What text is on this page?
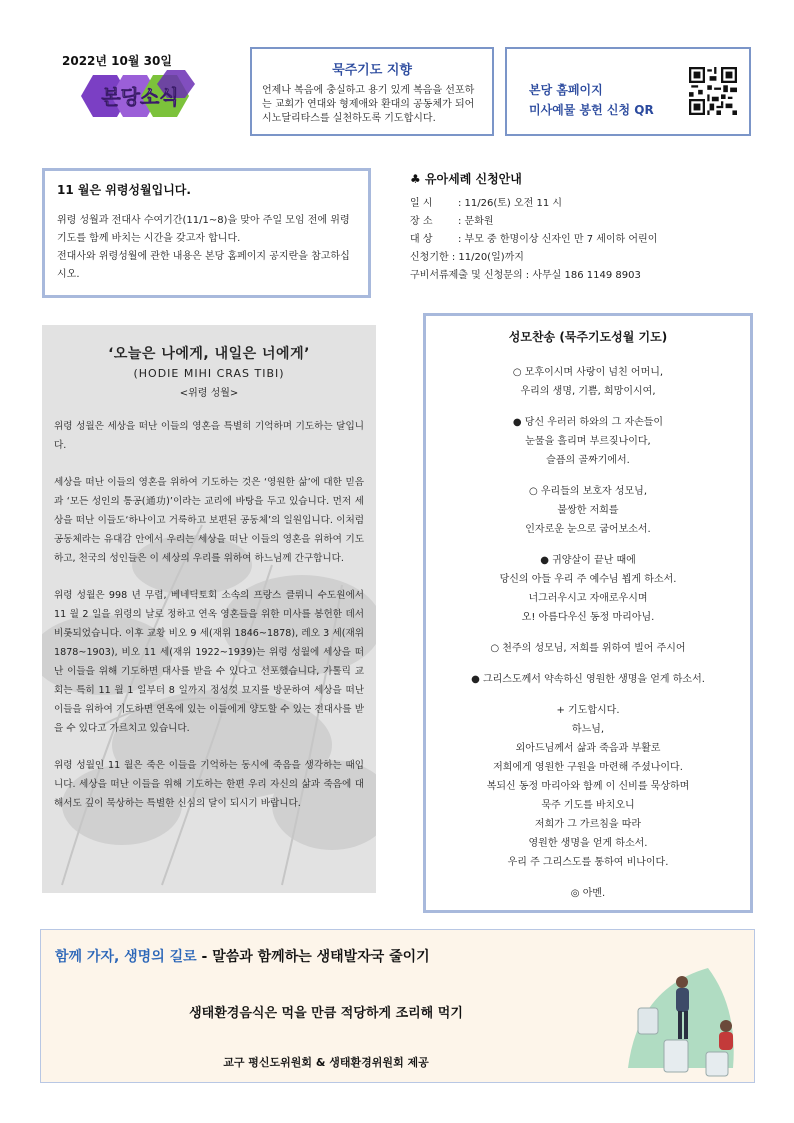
2022년 10월 30일
본당소식
묵주기도 지향
언제나 복음에 충실하고 용기 있게 복음을 선포하는 교회가 연대와 형제애와 환대의 공동체가 되어 시노달리타스를 실천하도록 기도합시다.
본당 홈페이지
미사예물 봉헌 신청 QR
11 월은 위령성월입니다.
위령 성월과 전대사 수여기간(11/1~8)을 맞아 주일 모임 전에 위령기도를 함께 바치는 시간을 갖고자 합니다.
전대사와 위령성월에 관한 내용은 본당 홈페이지 공지란을 참고하십시오.
♣ 유아세례 신청안내
일 시	: 11/26(토) 오전 11 시
장 소	: 문화원
대 상	: 부모 중 한명이상 신자인 만 7 세이하 어린이
신청기한 : 11/20(일)까지
구비서류제출 및 신청문의 : 사무실 186 1149 8903
‘오늘은 나에게, 내일은 너에게’
(HODIE MIHI CRAS TIBI)
<위령 성월>
위령 성월은 세상을 떠난 이들의 영혼을 특별히 기억하며 기도하는 달입니다.
세상을 떠난 이들의 영혼을 위하여 기도하는 것은 ‘영원한 삶’에 대한 믿음과 ‘모든 성인의 통공(通功)’이라는 교리에 바탕을 두고 있습니다. 먼저 세상을 떠난 이들도‘하나이고 거룩하고 보편된 공동체’의 일원입니다. 이처럼 공동체라는 유대감 안에서 우리는 세상을 떠난 이들의 영혼을 위하여 기도하고, 천국의 성인들은 이 세상의 우리를 위하여 하느님께 간구합니다.
위령 성월은 998 년 무렵, 베네딕토회 소속의 프랑스 클뤼니 수도원에서 11 월 2 일을 위령의 날로 정하고 연옥 영혼들을 위한 미사를 봉헌한 데서 비롯되었습니다. 이후 교황 비오 9 세(재위 1846~1878), 레오 3 세(재위 1878~1903), 비오 11 세(재위 1922~1939)는 위령 성월에 세상을 떠난 이들을 위해 기도하면 대사를 받을 수 있다고 선포했습니다, 가톨릭 교회는 특히 11 월 1 일부터 8 일까지 정성껏 묘지를 방문하여 세상을 떠난 이들을 위하여 기도하면 연옥에 있는 이들에게 양도할 수 있는 전대사를 받을 수 있다고 가르치고 있습니다.
위령 성월인 11 월은 죽은 이들을 기억하는 동시에 죽음을 생각하는 때입니다. 세상을 떠난 이들을 위해 기도하는 한편 우리 자신의 삶과 죽음에 대해서도 깊이 묵상하는 특별한 신심의 달이 되시기 바랍니다.
성모찬송 (묵주기도성월 기도)
○ 모후이시며 사랑이 넘친 어머니,
우리의 생명, 기쁨, 희망이시여,
● 당신 우러러 하와의 그 자손들이
눈물을 흘리며 부르짖나이다,
슬픔의 골짜기에서.
○ 우리들의 보호자 성모님,
불쌍한 저희를
인자로운 눈으로 굽어보소서.
● 귀양살이 끝난 때에
당신의 아들 우리 주 예수님 뵙게 하소서.
너그러우시고 자애로우시며
오! 아름다우신 동정 마리아님.
○ 천주의 성모님, 저희를 위하여 빌어 주시어
● 그리스도께서 약속하신 영원한 생명을 얻게 하소서.
+ 기도합시다.
하느님,
외아드님께서 삶과 죽음과 부활로
저희에게 영원한 구원을 마련해 주셨나이다.
복되신 동정 마리아와 함께 이 신비를 묵상하며
묵주 기도를 바치오니
저희가 그 가르침을 따라
영원한 생명을 얻게 하소서.
우리 주 그리스도를 통하여 비나이다.
◎ 아멘.
함께 가자, 생명의 길로 - 말씀과 함께하는 생태발자국 줄이기
생태환경음식은 먹을 만큼 적당하게 조리해 먹기
교구 평신도위원회 & 생태환경위원회 제공
